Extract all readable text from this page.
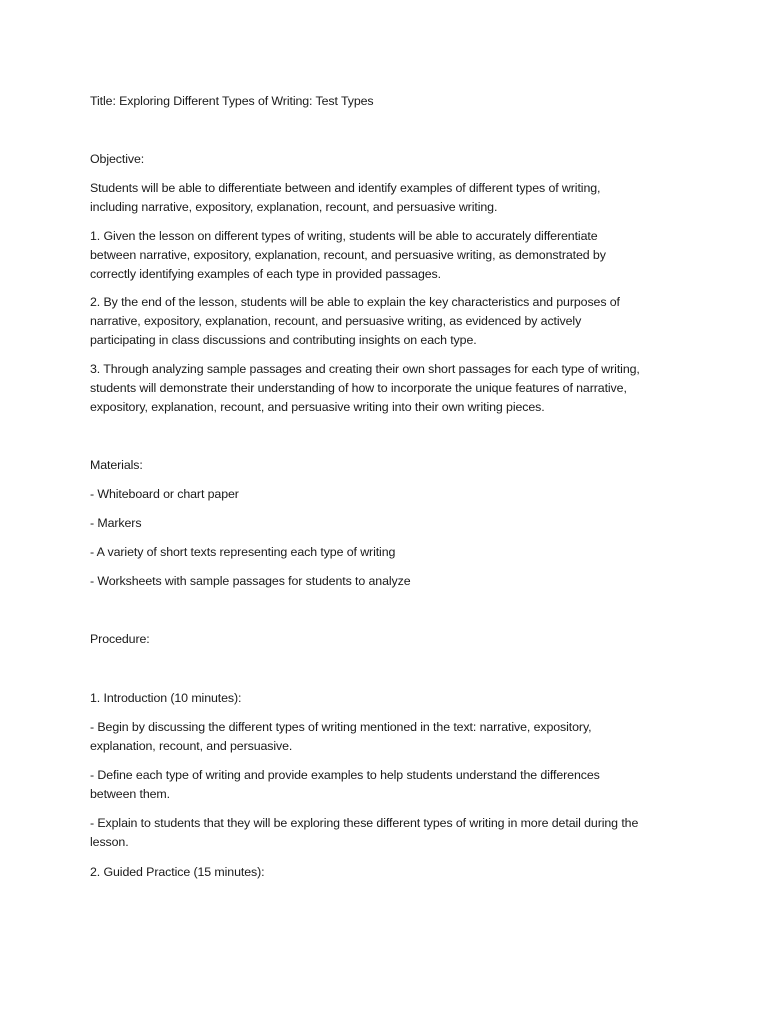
Title: Exploring Different Types of Writing: Test Types

Objective:

Students will be able to differentiate between and identify examples of different types of writing,
including narrative, expository, explanation, recount, and persuasive writing.
1. Given the lesson on different types of writing, students will be able to accurately differentiate
between narrative, expository, explanation, recount, and persuasive writing, as demonstrated by
correctly identifying examples of each type in provided passages.
2. By the end of the lesson, students will be able to explain the key characteristics and purposes of
narrative, expository, explanation, recount, and persuasive writing, as evidenced by actively
participating in class discussions and contributing insights on each type.
3. Through analyzing sample passages and creating their own short passages for each type of writing,
students will demonstrate their understanding of how to incorporate the unique features of narrative,
expository, explanation, recount, and persuasive writing into their own writing pieces.

Materials:

- Whiteboard or chart paper

- Markers

- A variety of short texts representing each type of writing

- Worksheets with sample passages for students to analyze

Procedure:

1. Introduction (10 minutes):

- Begin by discussing the different types of writing mentioned in the text: narrative, expository,
explanation, recount, and persuasive.
- Define each type of writing and provide examples to help students understand the differences
between them.
- Explain to students that they will be exploring these different types of writing in more detail during the
lesson.

2. Guided Practice (15 minutes):
